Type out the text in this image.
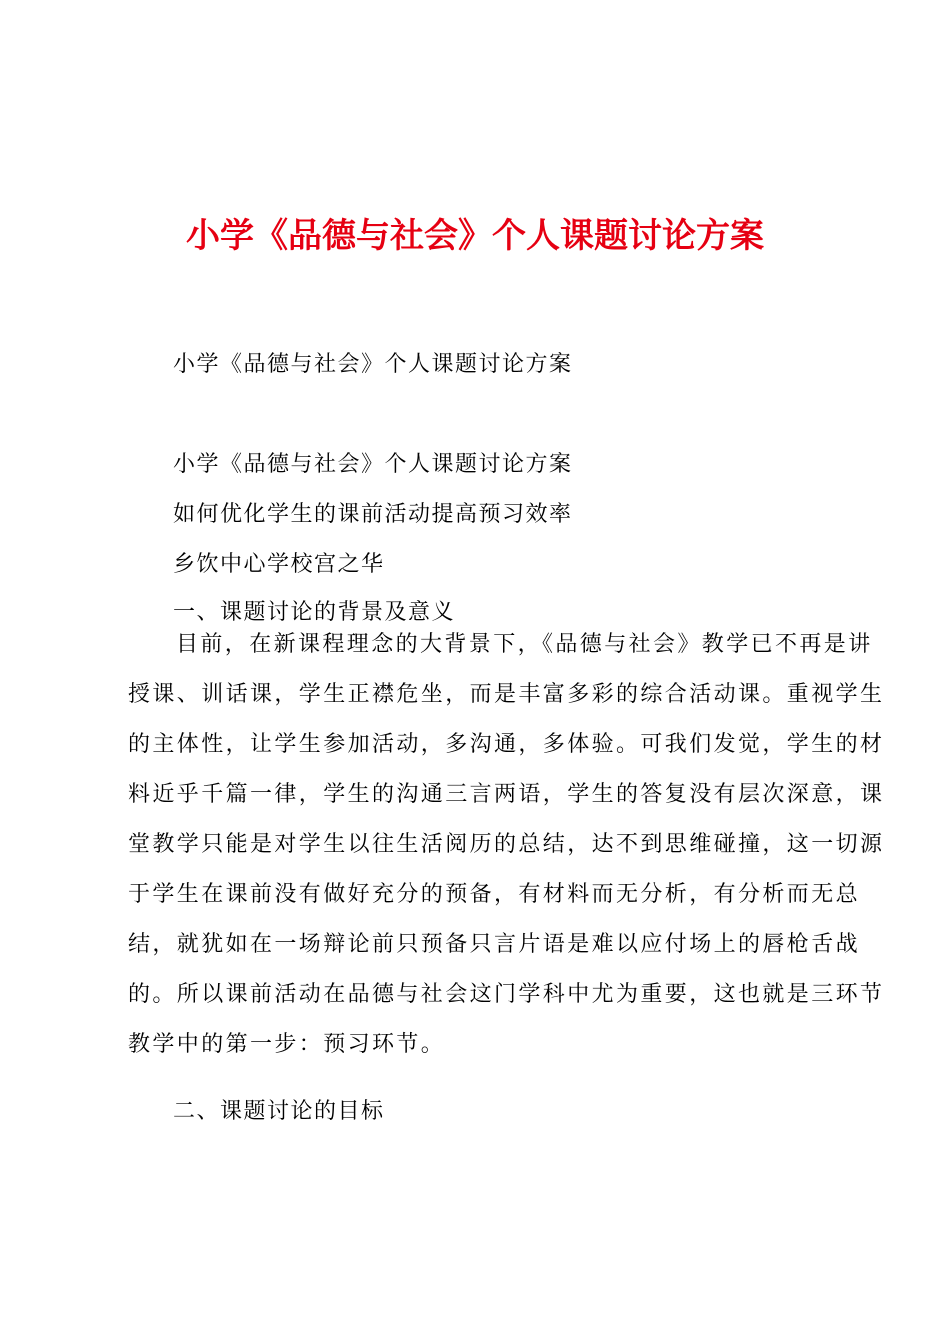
小学《品德与社会》个人课题讨论方案
小学《品德与社会》个人课题讨论方案
小学《品德与社会》个人课题讨论方案
如何优化学生的课前活动提高预习效率
乡饮中心学校宫之华
一、课题讨论的背景及意义
目前，在新课程理念的大背景下，《品德与社会》教学已不再是讲
授课、训话课，学生正襟危坐，而是丰富多彩的综合活动课。重视学生
的主体性，让学生参加活动，多沟通，多体验。可我们发觉，学生的材
料近乎千篇一律，学生的沟通三言两语，学生的答复没有层次深意，课
堂教学只能是对学生以往生活阅历的总结，达不到思维碰撞，这一切源
于学生在课前没有做好充分的预备，有材料而无分析，有分析而无总
结，就犹如在一场辩论前只预备只言片语是难以应付场上的唇枪舌战
的。所以课前活动在品德与社会这门学科中尤为重要，这也就是三环节
教学中的第一步：预习环节。
二、课题讨论的目标
